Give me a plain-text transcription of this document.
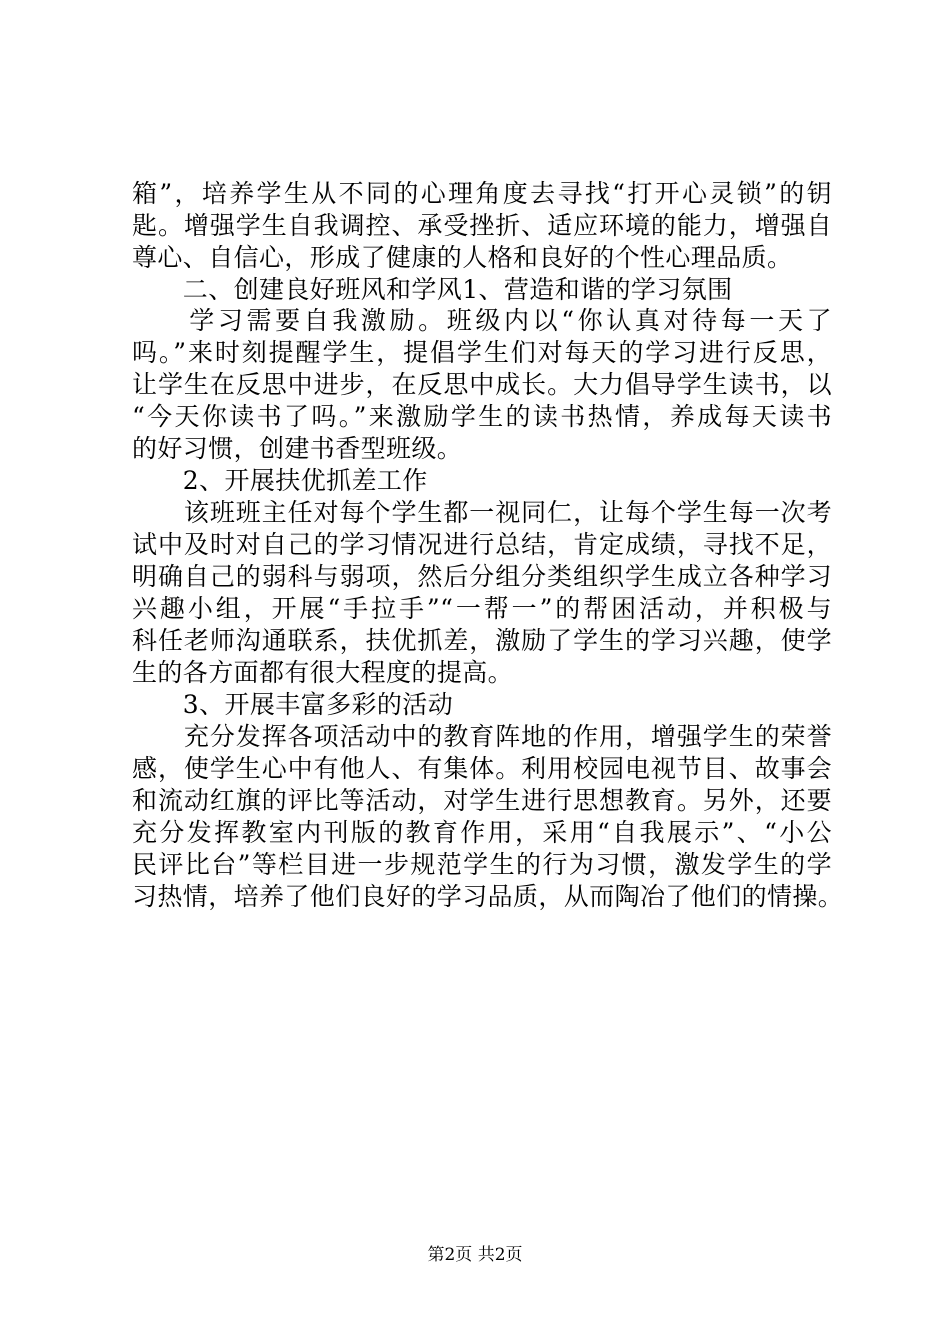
箱”，培养学生从不同的心理角度去寻找“打开心灵锁”的钥
匙。增强学生自我调控、承受挫折、适应环境的能力，增强自
尊心、自信心，形成了健康的人格和良好的个性心理品质。
　　二、创建良好班风和学风1、营造和谐的学习氛围
　　学习需要自我激励。班级内以“你认真对待每一天了
吗。”来时刻提醒学生，提倡学生们对每天的学习进行反思，
让学生在反思中进步，在反思中成长。大力倡导学生读书，以
“今天你读书了吗。”来激励学生的读书热情，养成每天读书
的好习惯，创建书香型班级。
　　2、开展扶优抓差工作
　　该班班主任对每个学生都一视同仁，让每个学生每一次考
试中及时对自己的学习情况进行总结，肯定成绩，寻找不足，
明确自己的弱科与弱项，然后分组分类组织学生成立各种学习
兴趣小组，开展“手拉手”“一帮一”的帮困活动，并积极与
科任老师沟通联系，扶优抓差，激励了学生的学习兴趣，使学
生的各方面都有很大程度的提高。
　　3、开展丰富多彩的活动
　　充分发挥各项活动中的教育阵地的作用，增强学生的荣誉
感，使学生心中有他人、有集体。利用校园电视节目、故事会
和流动红旗的评比等活动，对学生进行思想教育。另外，还要
充分发挥教室内刊版的教育作用，采用“自我展示”、“小公
民评比台”等栏目进一步规范学生的行为习惯，激发学生的学
习热情，培养了他们良好的学习品质，从而陶冶了他们的情操。
第2页 共2页
